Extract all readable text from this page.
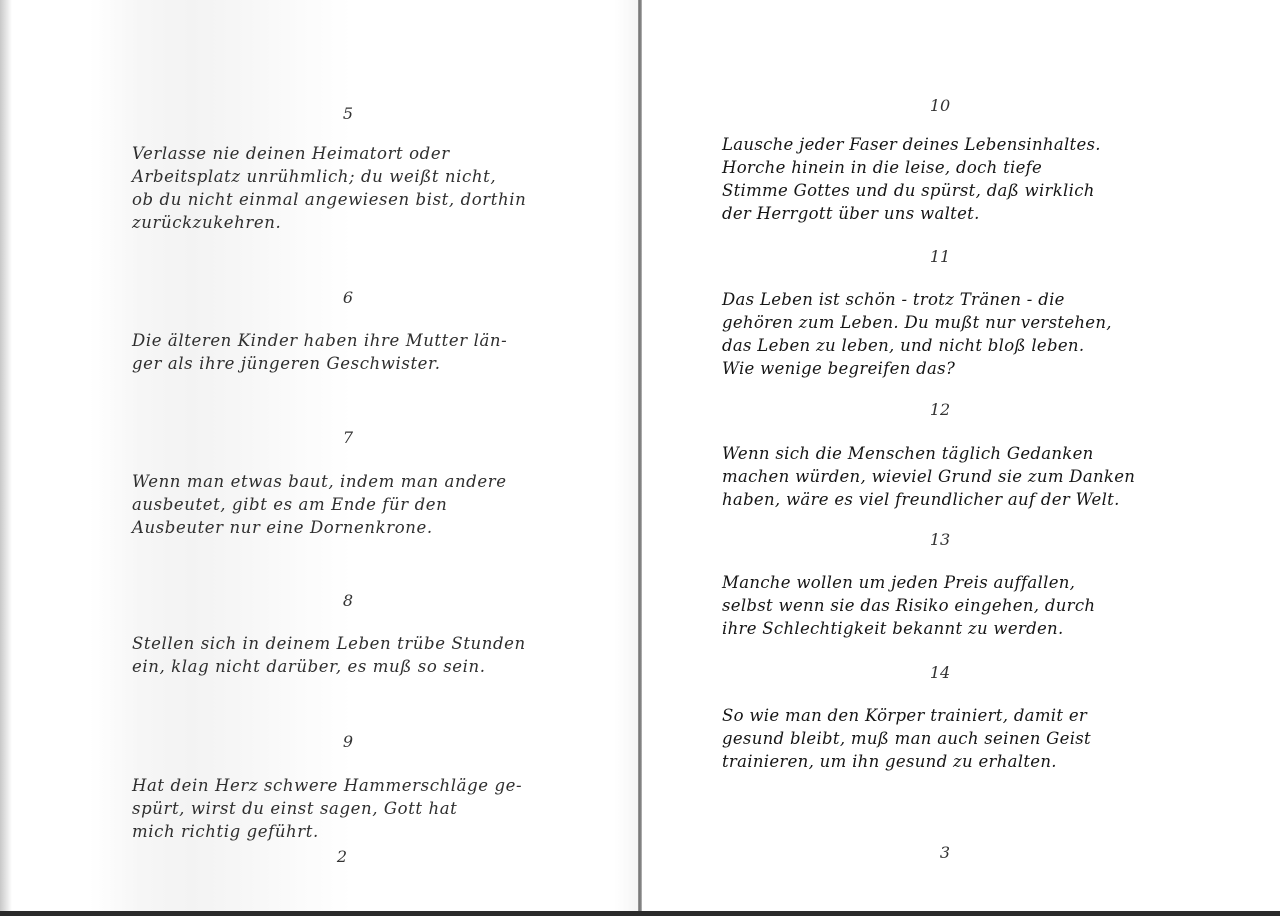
5

Verlasse nie deinen Heimatort oder
Arbeitsplatz unrühmlich; du weißt nicht,
ob du nicht einmal angewiesen bist, dorthin
zurückzukehren.

6

Die älteren Kinder haben ihre Mutter län-
ger als ihre jüngeren Geschwister.

7

Wenn man etwas baut, indem man andere
ausbeutet, gibt es am Ende für den
Ausbeuter nur eine Dornenkrone.

8

Stellen sich in deinem Leben trübe Stunden
ein, klag nicht darüber, es muß so sein.

9

Hat dein Herz schwere Hammerschläge ge-
spürt, wirst du einst sagen, Gott hat
mich richtig geführt.

2
10

Lausche jeder Faser deines Lebensinhaltes.
Horche hinein in die leise, doch tiefe
Stimme Gottes und du spürst, daß wirklich
der Herrgott über uns waltet.

11

Das Leben ist schön - trotz Tränen - die
gehören zum Leben. Du mußt nur verstehen,
das Leben zu leben, und nicht bloß leben.
Wie wenige begreifen das?

12

Wenn sich die Menschen täglich Gedanken
machen würden, wieviel Grund sie zum Danken
haben, wäre es viel freundlicher auf der Welt.

13

Manche wollen um jeden Preis auffallen,
selbst wenn sie das Risiko eingehen, durch
ihre Schlechtigkeit bekannt zu werden.

14

So wie man den Körper trainiert, damit er
gesund bleibt, muß man auch seinen Geist
trainieren, um ihn gesund zu erhalten.

3
